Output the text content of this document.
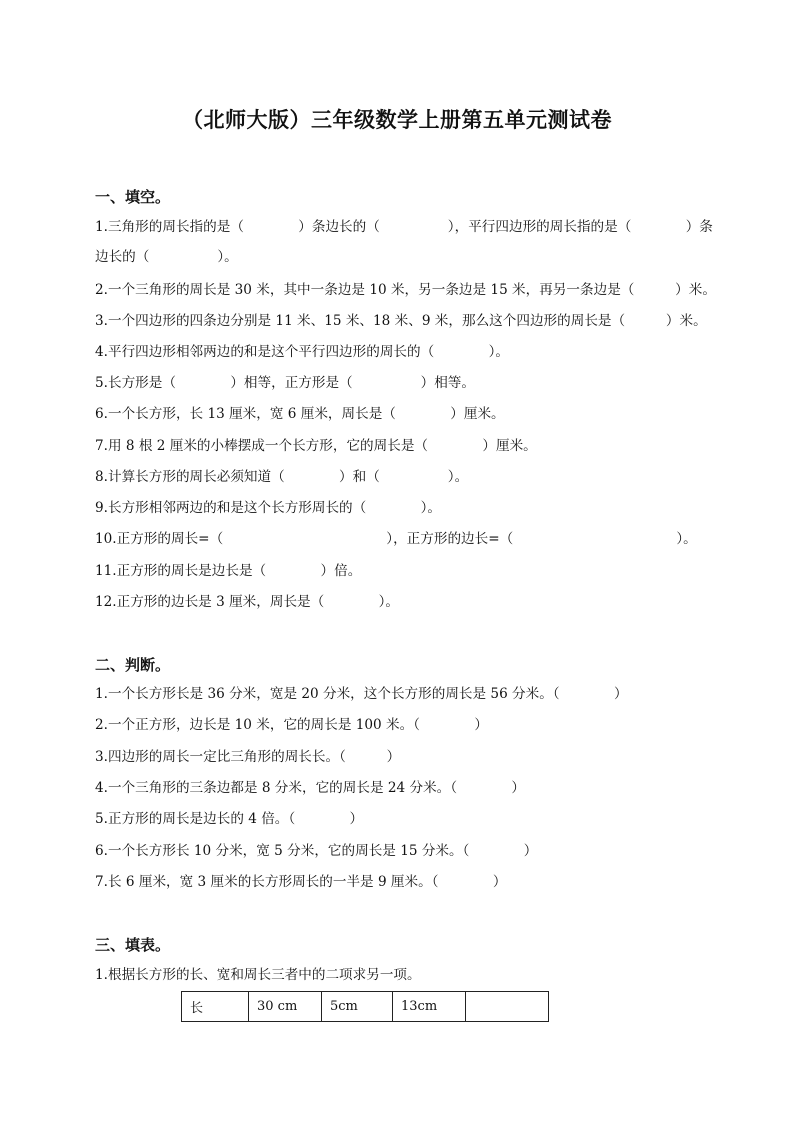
（北师大版）三年级数学上册第五单元测试卷
一、填空。
1.三角形的周长指的是（　　　　）条边长的（　　　　　），平行四边形的周长指的是（　　　　）条
边长的（　　　　　）。
2.一个三角形的周长是 30 米，其中一条边是 10 米，另一条边是 15 米，再另一条边是（　　　）米。
3.一个四边形的四条边分别是 11 米、15 米、18 米、9 米，那么这个四边形的周长是（　　　）米。
4.平行四边形相邻两边的和是这个平行四边形的周长的（　　　　）。
5.长方形是（　　　　）相等，正方形是（　　　　　）相等。
6.一个长方形，长 13 厘米，宽 6 厘米，周长是（　　　　）厘米。
7.用 8 根 2 厘米的小棒摆成一个长方形，它的周长是（　　　　）厘米。
8.计算长方形的周长必须知道（　　　　）和（　　　　　）。
9.长方形相邻两边的和是这个长方形周长的（　　　　）。
10.正方形的周长=（　　　　　　　　　　　　），正方形的边长=（　　　　　　　　　　　　）。
11.正方形的周长是边长是（　　　　）倍。
12.正方形的边长是 3 厘米，周长是（　　　　）。
二、判断。
1.一个长方形长是 36 分米，宽是 20 分米，这个长方形的周长是 56 分米。（　　　　）
2.一个正方形，边长是 10 米，它的周长是 100 米。（　　　　）
3.四边形的周长一定比三角形的周长长。（　　　）
4.一个三角形的三条边都是 8 分米，它的周长是 24 分米。（　　　　）
5.正方形的周长是边长的 4 倍。（　　　　）
6.一个长方形长 10 分米，宽 5 分米，它的周长是 15 分米。（　　　　）
7.长 6 厘米，宽 3 厘米的长方形周长的一半是 9 厘米。（　　　　）
三、填表。
1.根据长方形的长、宽和周长三者中的二项求另一项。
长	30 cm	5cm	13cm	
